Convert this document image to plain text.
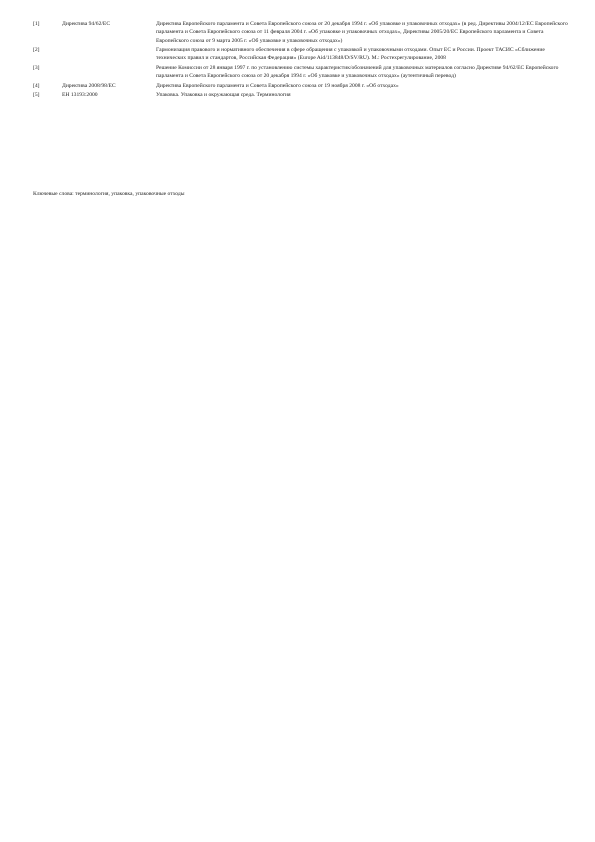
[1]	Директива 94/62/ЕС	Директива Европейского парламента и Совета Европейского союза от 20 декабря 1994 г. «Об упаковке и упаковочных отходах» (в ред. Директивы 2004/12/ЕС Европейского парламента и Совета Европейского союза от 11 февраля 2004 г. «Об упаковке и упаковочных отходах», Директивы 2005/20/ЕС Европейского парламента и Совета Европейского союза от 9 марта 2005 г. «Об упаковке и упаковочных отходах»)
[2]		Гармонизация правового и нормативного обеспечения в сфере обращения с упаковкой и упаковочными отходами. Опыт ЕС и России. Проект ТАСИС «Сближение технических правил и стандартов, Российская Федерация» (Europe Aid/113848/D/SV/RU). М.: Ростехрегулирование, 2008
[3]		Решение Комиссии от 28 января 1997 г. по установлению системы характеристик/обозначений для упаковочных материалов согласно Директиве 94/62/ЕС Европейского парламента и Совета Европейского союза от 20 декабря 1994 г. «Об упаковке и упаковочных отходах» (аутентичный перевод)
[4]	Директива 2008/98/ЕС	Директива Европейского парламента и Совета Европейского союза от 19 ноября 2008 г. «Об отходах»
[5]	ЕН 13193:2000	Упаковка. Упаковка и окружающая среда. Терминология
Ключевые слова: терминология, упаковка, упаковочные отходы
